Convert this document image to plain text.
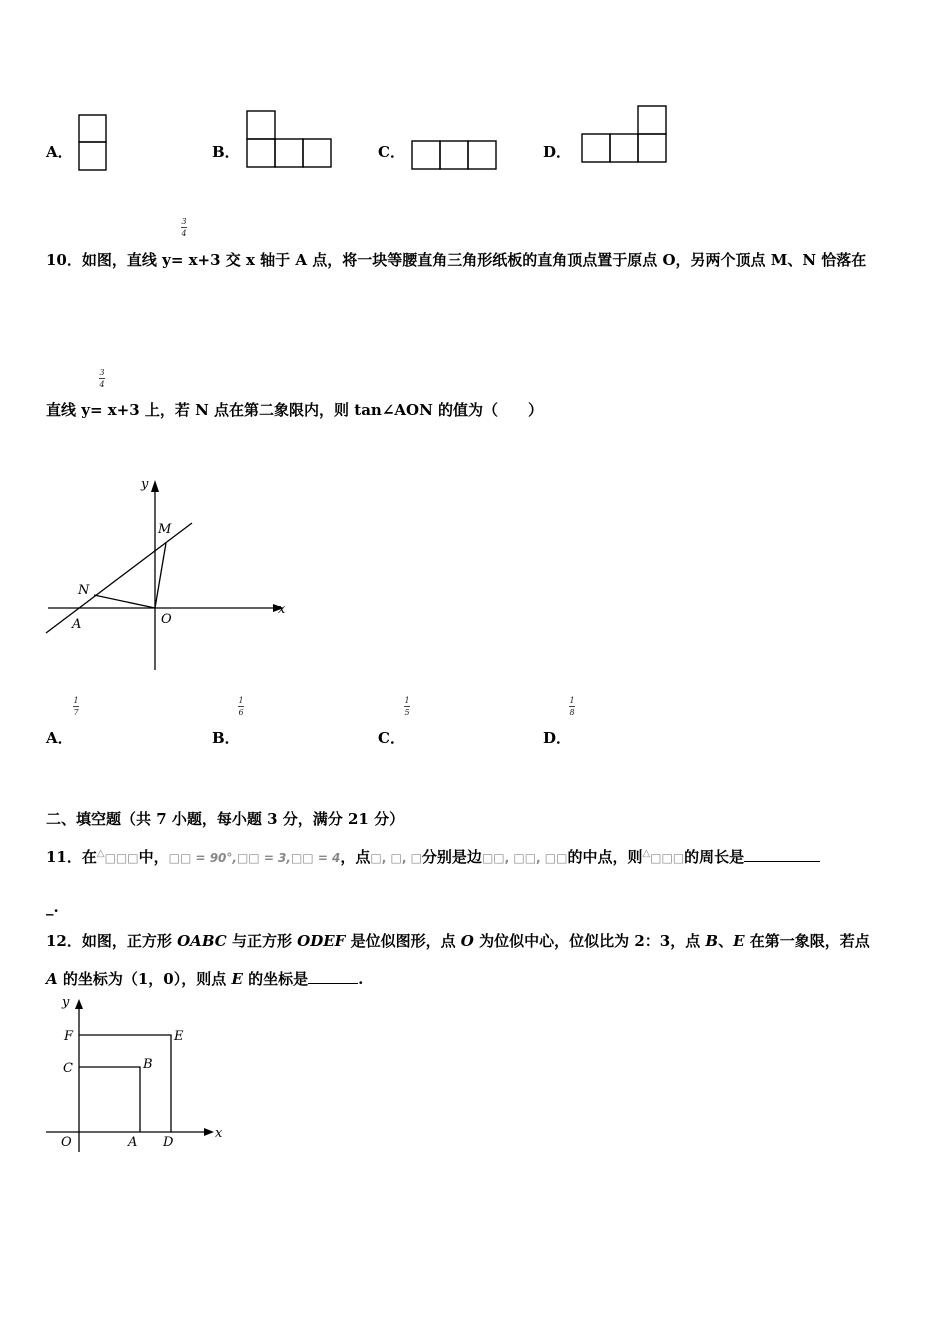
A．	B．	C．	D．
3
4
10．如图，直线 y= x+3 交 x 轴于 A 点，将一块等腰直角三角形纸板的直角顶点置于原点 O，另两个顶点 M、N 恰落在
3
4
直线 y= x+3 上，若 N 点在第二象限内，则 tan∠AON 的值为（　　）
y
x
M
N
A	O
A．
1
7
B．
1
6
C．
1
5
D．
1
8
二、填空题（共 7 小题，每小题 3 分，满分 21 分）
11．在△□□□中，□□ = 90°,□□ = 3,□□ = 4，点□, □, □分别是边□□, □□, □□的中点，则△□□□的周长是
_.
12．如图，正方形 OABC 与正方形 ODEF 是位似图形，点 O 为位似中心，位似比为 2：3，点 B、E 在第一象限，若点
A 的坐标为（1，0），则点 E 的坐标是	.
y
x
F	E
C	B
O	A D
